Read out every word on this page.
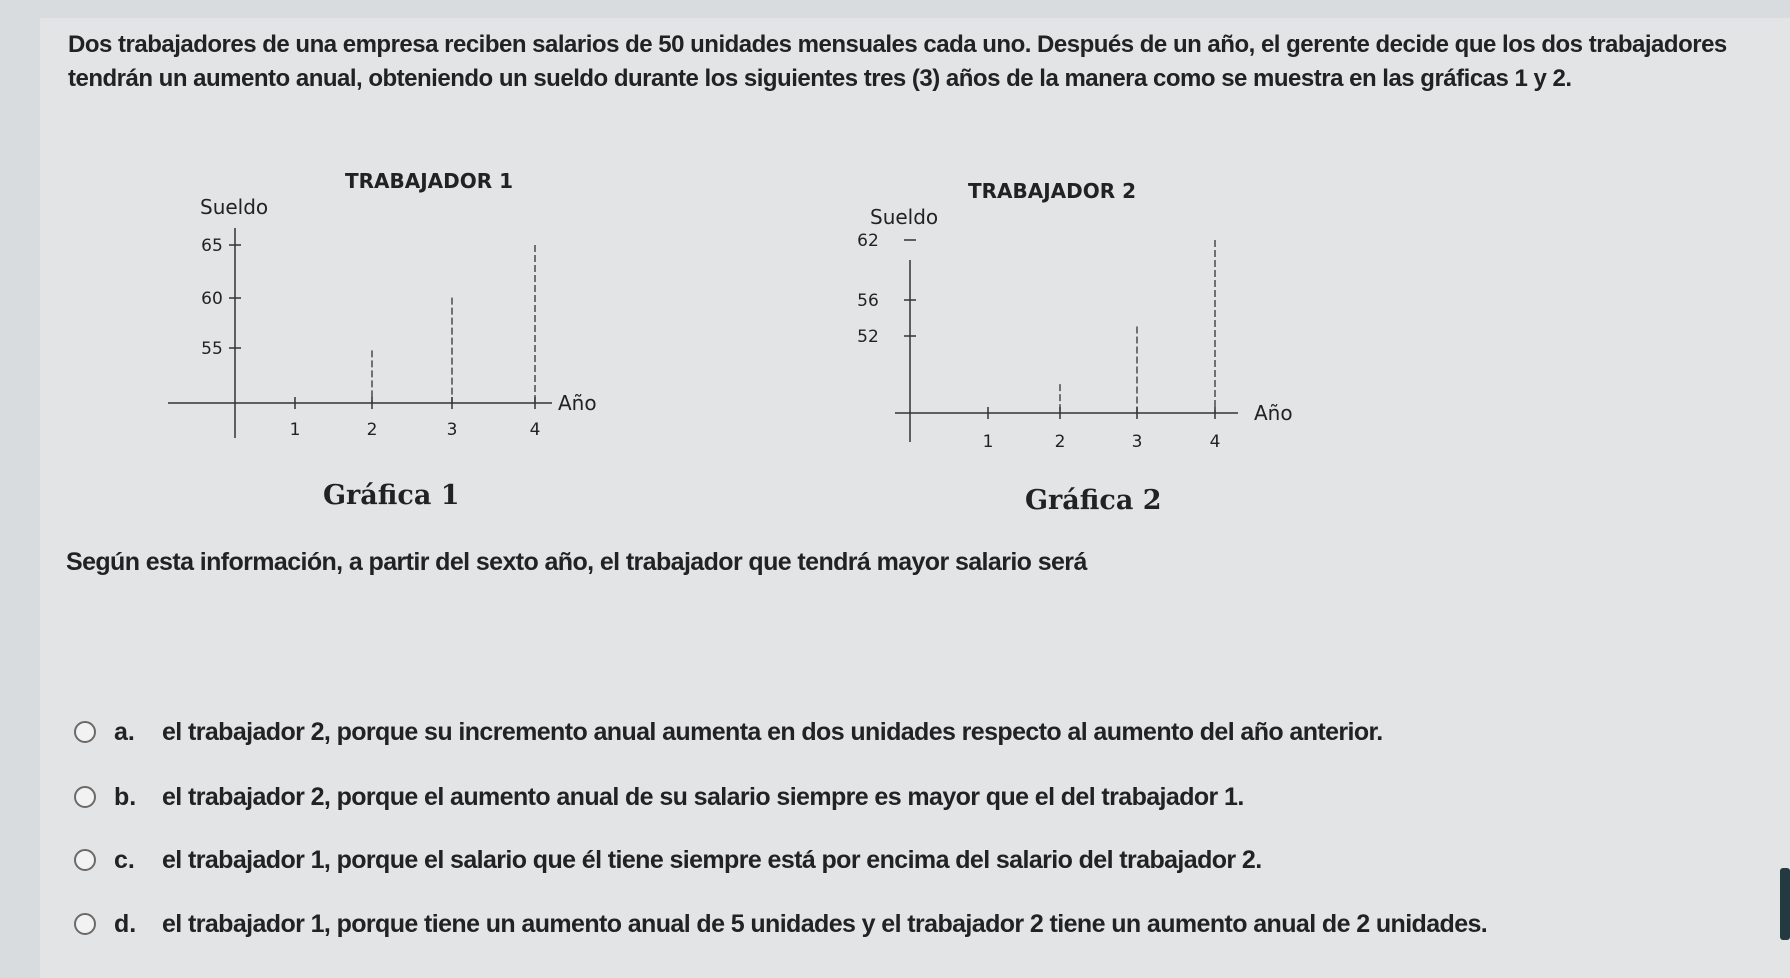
Dos trabajadores de una empresa reciben salarios de 50 unidades mensuales cada uno. Después de un año, el gerente decide que los dos trabajadores tendrán un aumento anual, obteniendo un sueldo durante los siguientes tres (3) años de la manera como se muestra en las gráficas 1 y 2.

TRABAJADOR 1
Sueldo
Año
55
60
65
1	2	3	4
Gráfica 1
TRABAJADOR 2
Sueldo
Año
52
56
62
1	2	3	4
Gráfica 2

Según esta información, a partir del sexto año, el trabajador que tendrá mayor salario será

a.	el trabajador 2, porque su incremento anual aumenta en dos unidades respecto al aumento del año anterior.
b.	el trabajador 2, porque el aumento anual de su salario siempre es mayor que el del trabajador 1.
c.	el trabajador 1, porque el salario que él tiene siempre está por encima del salario del trabajador 2.
d.	el trabajador 1, porque tiene un aumento anual de 5 unidades y el trabajador 2 tiene un aumento anual de 2 unidades.
